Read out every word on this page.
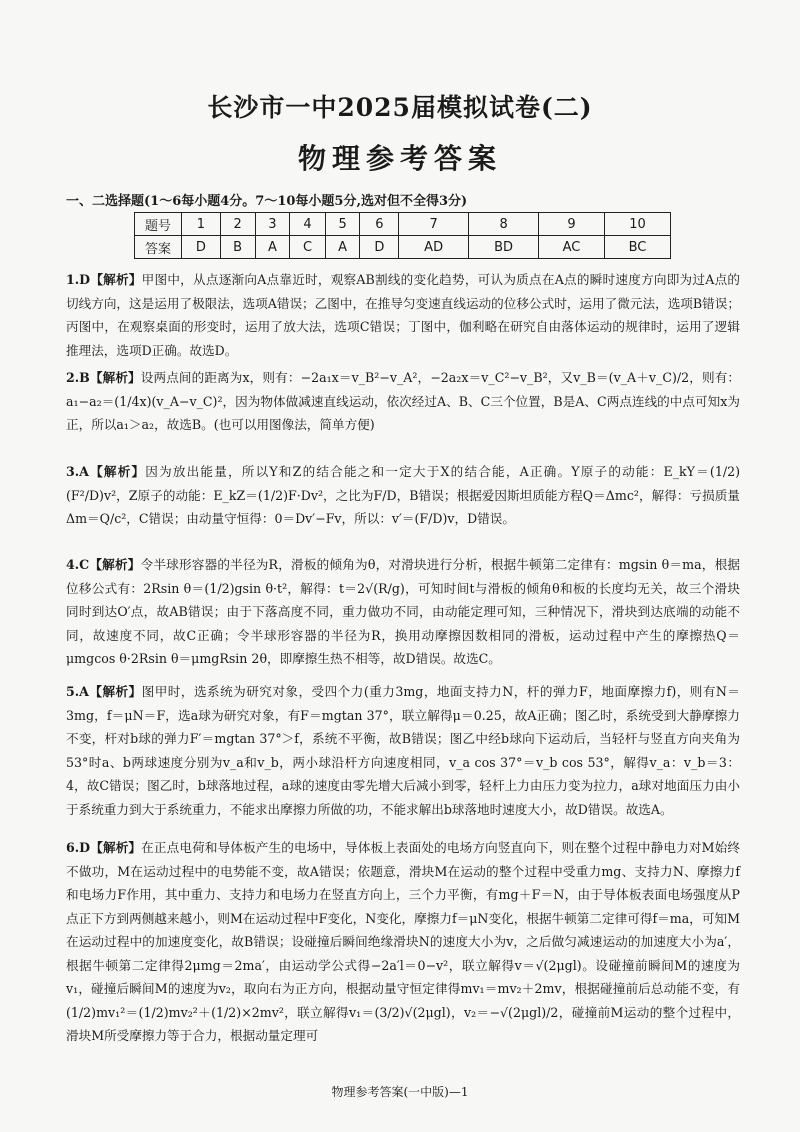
长沙市一中2025届模拟试卷(二)
物理参考答案
一、二选择题(1～6每小题4分。7～10每小题5分,选对但不全得3分)
题号	1	2	3	4	5	6	7	8	9	10
答案	D	B	A	C	A	D	AD	BD	AC	BC
1.D【解析】甲图中，从点逐渐向A点靠近时，观察AB割线的变化趋势，可认为质点在A点的瞬时速度方向即为过A点的切线方向，这是运用了极限法，选项A错误；乙图中，在推导匀变速直线运动的位移公式时，运用了微元法，选项B错误；丙图中，在观察桌面的形变时，运用了放大法，选项C错误；丁图中，伽利略在研究自由落体运动的规律时，运用了逻辑推理法，选项D正确。故选D。
2.B【解析】设两点间的距离为x，则有：−2a₁x＝v_B²−v_A²，−2a₂x＝v_C²−v_B²，又v_B＝(v_A＋v_C)/2，则有：a₁−a₂＝(1/4x)(v_A−v_C)²，因为物体做减速直线运动，依次经过A、B、C三个位置，B是A、C两点连线的中点可知x为正，所以a₁＞a₂，故选B。(也可以用图像法，简单方便)
3.A【解析】因为放出能量，所以Y和Z的结合能之和一定大于X的结合能，A正确。Y原子的动能：E_kY＝(1/2)(F²/D)v²，Z原子的动能：E_kZ＝(1/2)F·Dv²，之比为F/D，B错误；根据爱因斯坦质能方程Q＝Δmc²，解得：亏损质量Δm＝Q/c²，C错误；由动量守恒得：0＝Dv′−Fv，所以：v′＝(F/D)v，D错误。
4.C【解析】令半球形容器的半径为R，滑板的倾角为θ，对滑块进行分析，根据牛顿第二定律有：mgsin θ＝ma，根据位移公式有：2Rsin θ＝(1/2)gsin θ·t²，解得：t＝2√(R/g)，可知时间t与滑板的倾角θ和板的长度均无关，故三个滑块同时到达O′点，故AB错误；由于下落高度不同，重力做功不同，由动能定理可知，三种情况下，滑块到达底端的动能不同，故速度不同，故C正确；令半球形容器的半径为R，换用动摩擦因数相同的滑板，运动过程中产生的摩擦热Q＝μmgcos θ·2Rsin θ＝μmgRsin 2θ，即摩擦生热不相等，故D错误。故选C。
5.A【解析】图甲时，选系统为研究对象，受四个力(重力3mg，地面支持力N，杆的弹力F，地面摩擦力f)，则有N＝3mg，f＝μN＝F，选a球为研究对象，有F＝mgtan 37°，联立解得μ＝0.25，故A正确；图乙时，系统受到大静摩擦力不变，杆对b球的弹力F′＝mgtan 37°＞f，系统不平衡，故B错误；图乙中经b球向下运动后，当轻杆与竖直方向夹角为53°时a、b两球速度分别为v_a和v_b，两小球沿杆方向速度相同，v_a cos 37°＝v_b cos 53°，解得v_a：v_b＝3：4，故C错误；图乙时，b球落地过程，a球的速度由零先增大后减小到零，轻杆上力由压力变为拉力，a球对地面压力由小于系统重力到大于系统重力，不能求出摩擦力所做的功，不能求解出b球落地时速度大小，故D错误。故选A。
6.D【解析】在正点电荷和导体板产生的电场中，导体板上表面处的电场方向竖直向下，则在整个过程中静电力对M始终不做功，M在运动过程中的电势能不变，故A错误；依题意，滑块M在运动的整个过程中受重力mg、支持力N、摩擦力f和电场力F作用，其中重力、支持力和电场力在竖直方向上，三个力平衡，有mg＋F＝N，由于导体板表面电场强度从P点正下方到两侧越来越小，则M在运动过程中F变化，N变化，摩擦力f＝μN变化，根据牛顿第二定律可得f＝ma，可知M在运动过程中的加速度变化，故B错误；设碰撞后瞬间绝缘滑块N的速度大小为v，之后做匀减速运动的加速度大小为a′，根据牛顿第二定律得2μmg＝2ma′，由运动学公式得−2a′l＝0−v²，联立解得v＝√(2μgl)。设碰撞前瞬间M的速度为v₁，碰撞后瞬间M的速度为v₂，取向右为正方向，根据动量守恒定律得mv₁＝mv₂＋2mv，根据碰撞前后总动能不变，有(1/2)mv₁²＝(1/2)mv₂²＋(1/2)×2mv²，联立解得v₁＝(3/2)√(2μgl)，v₂＝−√(2μgl)/2，碰撞前M运动的整个过程中，滑块M所受摩擦力等于合力，根据动量定理可
物理参考答案(一中版)—1
